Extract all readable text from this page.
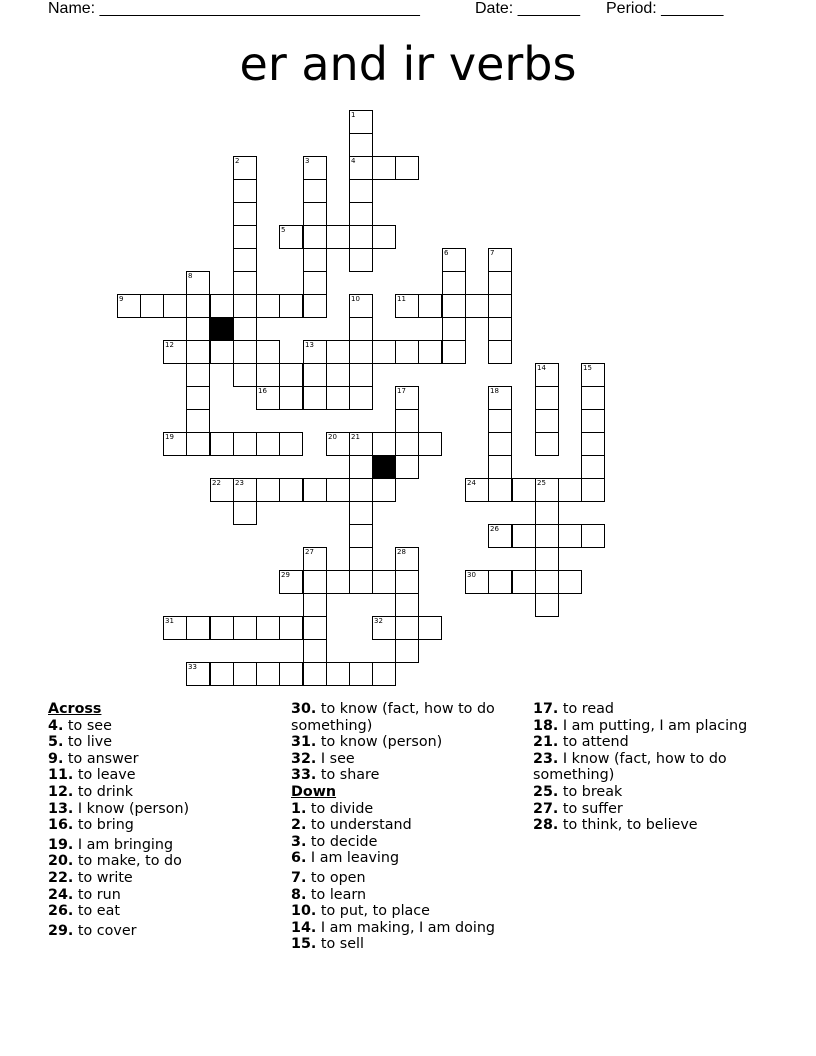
Name: ____________________________________	Date: _______ Period: _______
er and ir verbs
1
2	3	4
5
6	7
8
9	10	11
12	13
14	15
16	17	18
19	20 21
22 23	24	25
26
27	28
29	30
31	32
33

Across

4. to see

5. to live

9. to answer

11. to leave

12. to drink

13. I know (person)

16. to bring

19. I am bringing

20. to make, to do

22. to write

24. to run

26. to eat

29. to cover

30. to know (fact, how to do something)

31. to know (person)

32. I see

33. to share

Down

1. to divide

2. to understand

3. to decide

6. I am leaving

7. to open

8. to learn

10. to put, to place

14. I am making, I am doing

15. to sell

17. to read

18. I am putting, I am placing

21. to attend

23. I know (fact, how to do something)

25. to break

27. to suffer

28. to think, to believe
